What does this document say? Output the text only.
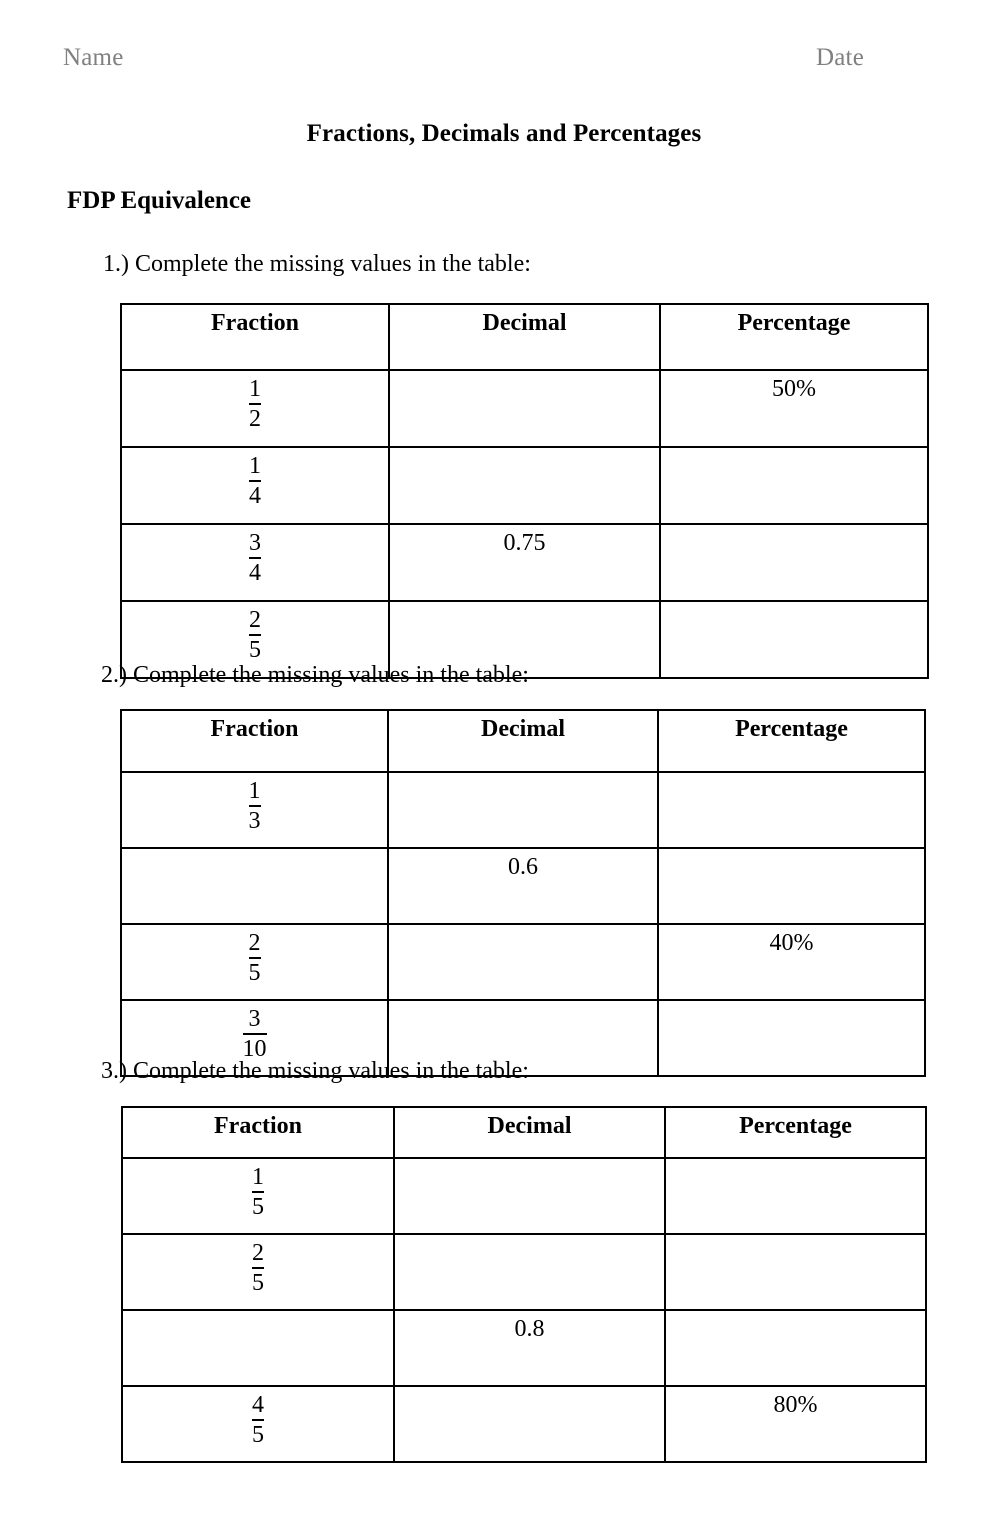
Name	Date
Fractions, Decimals and Percentages
FDP Equivalence
1.) Complete the missing values in the table:
Fraction	Decimal	Percentage

$\frac{1}{2}$		50%

$\frac{1}{4}$

$\frac{3}{4}$	0.75	

$\frac{2}{5}$

2.) Complete the missing values in the table:
Fraction	Decimal	Percentage

$\frac{1}{3}$

	0.6	

$\frac{2}{5}$		40%

$\frac{3}{10}$

3.) Complete the missing values in the table:
Fraction	Decimal	Percentage

$\frac{1}{5}$

$\frac{2}{5}$

	0.8	

$\frac{4}{5}$		80%
